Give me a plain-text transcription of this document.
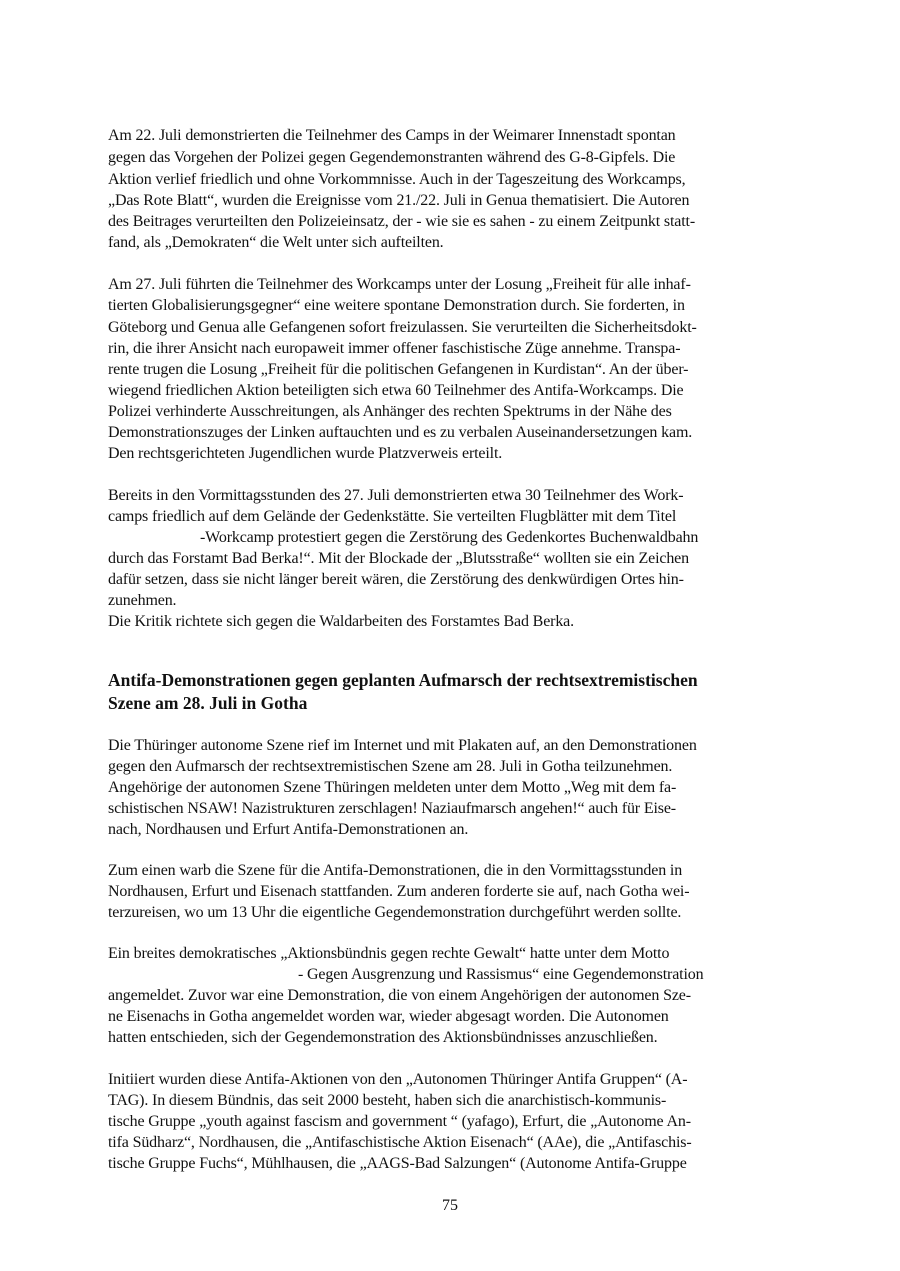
Am 22. Juli demonstrierten die Teilnehmer des Camps in der Weimarer Innenstadt spontan
gegen das Vorgehen der Polizei gegen Gegendemonstranten während des G-8-Gipfels. Die
Aktion verlief friedlich und ohne Vorkommnisse. Auch in der Tageszeitung des Workcamps,
„Das Rote Blatt“, wurden die Ereignisse vom 21./22. Juli in Genua thematisiert. Die Autoren
des Beitrages verurteilten den Polizeieinsatz, der - wie sie es sahen - zu einem Zeitpunkt statt-
fand, als „Demokraten“ die Welt unter sich aufteilten.
Am 27. Juli führten die Teilnehmer des Workcamps unter der Losung „Freiheit für alle inhaf-
tierten Globalisierungsgegner“ eine weitere spontane Demonstration durch. Sie forderten, in
Göteborg und Genua alle Gefangenen sofort freizulassen. Sie verurteilten die Sicherheitsdokt-
rin, die ihrer Ansicht nach europaweit immer offener faschistische Züge annehme. Transpa-
rente trugen die Losung „Freiheit für die politischen Gefangenen in Kurdistan“. An der über-
wiegend friedlichen Aktion beteiligten sich etwa 60 Teilnehmer des Antifa-Workcamps. Die
Polizei verhinderte Ausschreitungen, als Anhänger des rechten Spektrums in der Nähe des
Demonstrationszuges der Linken auftauchten und es zu verbalen Auseinandersetzungen kam.
Den rechtsgerichteten Jugendlichen wurde Platzverweis erteilt.
Bereits in den Vormittagsstunden des 27. Juli demonstrierten etwa 30 Teilnehmer des Work-
camps friedlich auf dem Gelände der Gedenkstätte. Sie verteilten Flugblätter mit dem Titel
-Workcamp protestiert gegen die Zerstörung des Gedenkortes Buchenwaldbahn
durch das Forstamt Bad Berka!“. Mit der Blockade der „Blutsstraße“ wollten sie ein Zeichen
dafür setzen, dass sie nicht länger bereit wären, die Zerstörung des denkwürdigen Ortes hin-
zunehmen.
Die Kritik richtete sich gegen die Waldarbeiten des Forstamtes Bad Berka.
Antifa-Demonstrationen gegen geplanten Aufmarsch der rechtsextremistischen
Szene am 28. Juli in Gotha
Die Thüringer autonome Szene rief im Internet und mit Plakaten auf, an den Demonstrationen
gegen den Aufmarsch der rechtsextremistischen Szene am 28. Juli in Gotha teilzunehmen.
Angehörige der autonomen Szene Thüringen meldeten unter dem Motto „Weg mit dem fa-
schistischen NSAW! Nazistrukturen zerschlagen! Naziaufmarsch angehen!“ auch für Eise-
nach, Nordhausen und Erfurt Antifa-Demonstrationen an.
Zum einen warb die Szene für die Antifa-Demonstrationen, die in den Vormittagsstunden in
Nordhausen, Erfurt und Eisenach stattfanden. Zum anderen forderte sie auf, nach Gotha wei-
terzureisen, wo um 13 Uhr die eigentliche Gegendemonstration durchgeführt werden sollte.
Ein breites demokratisches „Aktionsbündnis gegen rechte Gewalt“ hatte unter dem Motto
- Gegen Ausgrenzung und Rassismus“ eine Gegendemonstration
angemeldet. Zuvor war eine Demonstration, die von einem Angehörigen der autonomen Sze-
ne Eisenachs in Gotha angemeldet worden war, wieder abgesagt worden. Die Autonomen
hatten entschieden, sich der Gegendemonstration des Aktionsbündnisses anzuschließen.
Initiiert wurden diese Antifa-Aktionen von den „Autonomen Thüringer Antifa Gruppen“ (A-
TAG). In diesem Bündnis, das seit 2000 besteht, haben sich die anarchistisch-kommunis-
tische Gruppe „youth against fascism and government “ (yafago), Erfurt, die „Autonome An-
tifa Südharz“, Nordhausen, die „Antifaschistische Aktion Eisenach“ (AAe), die „Antifaschis-
tische Gruppe Fuchs“, Mühlhausen, die „AAGS-Bad Salzungen“ (Autonome Antifa-Gruppe
75
